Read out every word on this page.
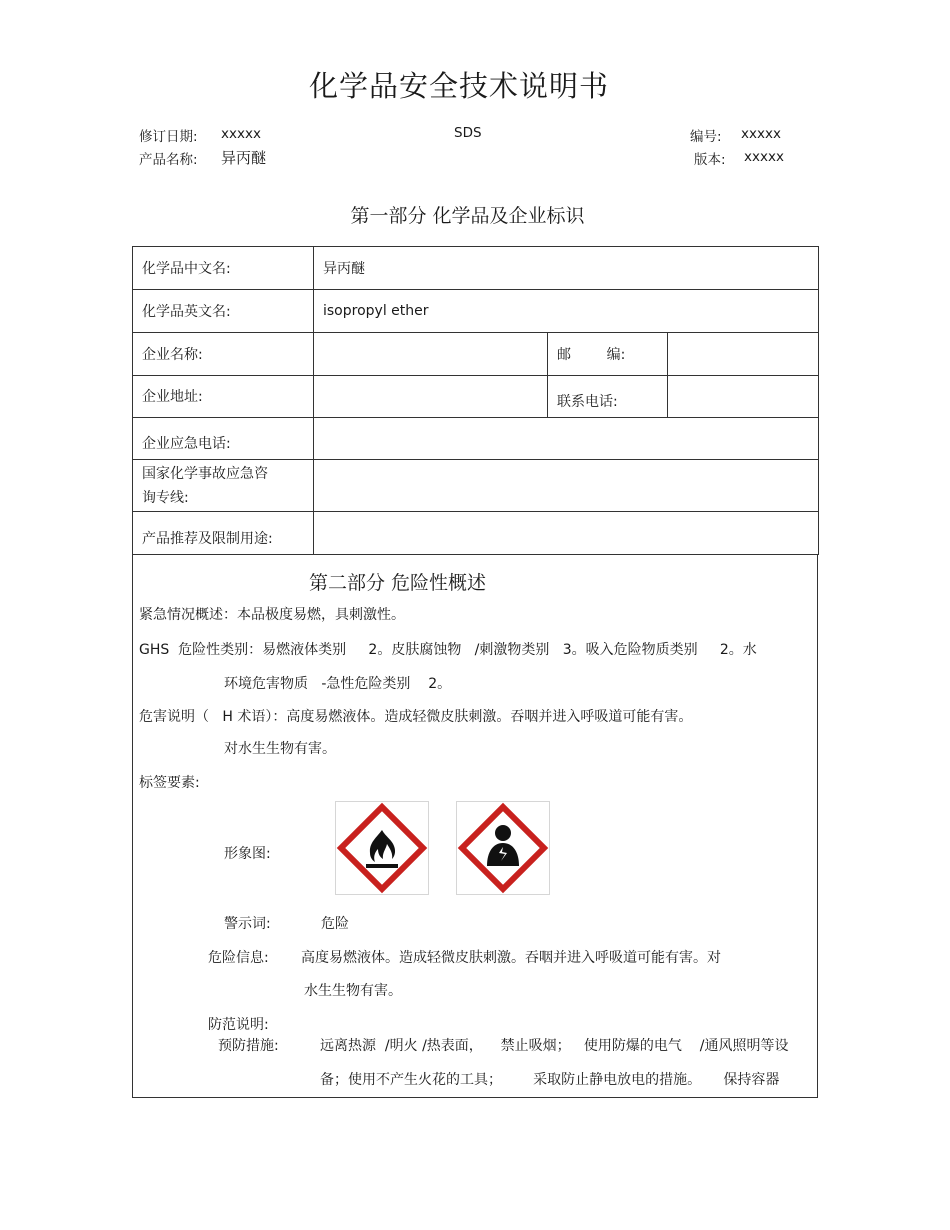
化学品安全技术说明书
修订日期: xxxxx	SDS	编号: xxxxx
产品名称: 异丙醚	版本: xxxxx
第一部分 化学品及企业标识
化学品中文名:	异丙醚		
化学品英文名:	isopropyl ether		
企业名称:		邮        编:	
企业地址:		联系电话:	
企业应急电话:			
国家化学事故应急咨
询专线:			
产品推荐及限制用途:			
第二部分 危险性概述
紧急情况概述：本品极度易燃，具刺激性。
GHS  危险性类别：易燃液体类别     2。皮肤腐蚀物   /刺激物类别   3。吸入危险物质类别     2。水
环境危害物质   -急性危险类别    2。
危害说明（   H 术语）：高度易燃液体。造成轻微皮肤刺激。吞咽并进入呼吸道可能有害。
对水生生物有害。
标签要素:
形象图:
警示词:	危险
危险信息: 高度易燃液体。造成轻微皮肤刺激。吞咽并进入呼吸道可能有害。对
水生生物有害。
防范说明:
预防措施:	远离热源  /明火 /热表面，    禁止吸烟；   使用防爆的电气    /通风照明等设
备；使用不产生火花的工具；       采取防止静电放电的措施。     保持容器
